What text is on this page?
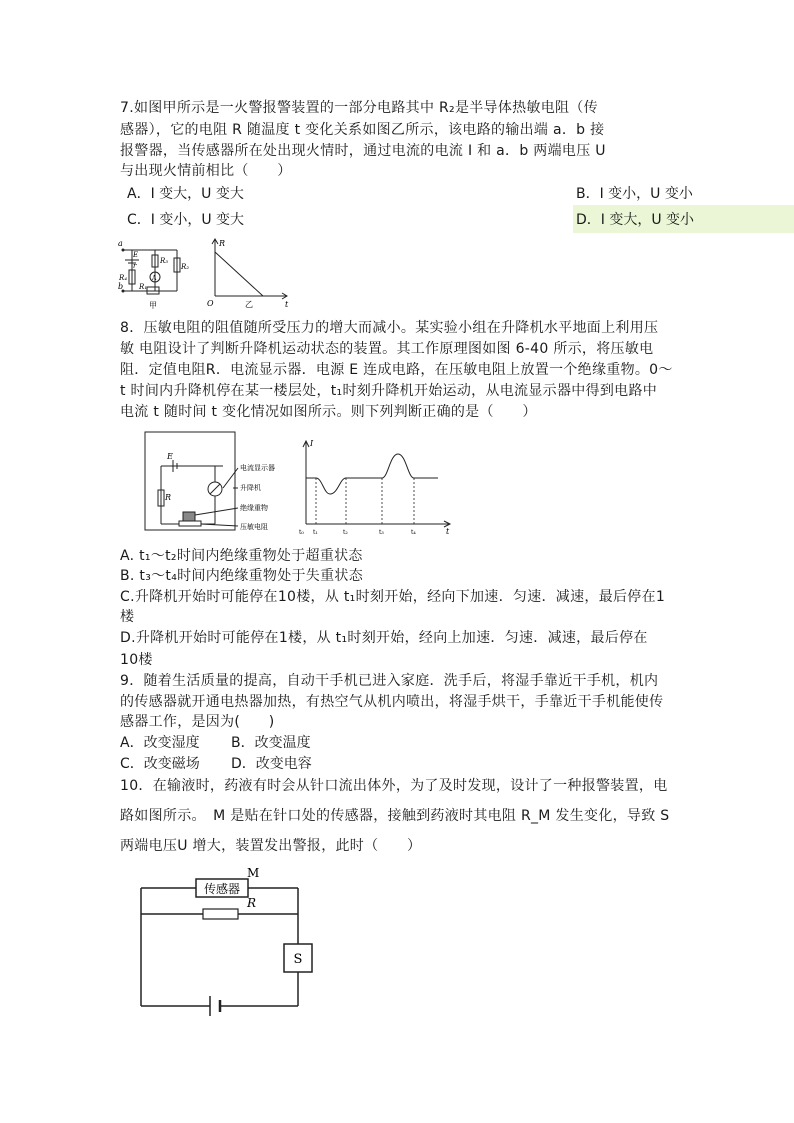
7.如图甲所示是一火警报警装置的一部分电路其中 R₂是半导体热敏电阻（传
感器），它的电阻 R 随温度 t 变化关系如图乙所示，该电路的输出端 a．b 接
报警器，当传感器所在处出现火情时，通过电流的电流 I 和 a．b 两端电压 U
与出现火情前相比（　　）
A．I 变大，U 变大	B．I 变小，U 变小
C．I 变小，U 变大	D．I 变大，U 变小
a
b
E
r
R₄
R₃
R₂
R₁
A
甲
R
O	t
乙
8．压敏电阻的阻值随所受压力的增大而减小。某实验小组在升降机水平地面上利用压
敏 电阻设计了判断升降机运动状态的装置。其工作原理图如图 6-40 所示，将压敏电
阻．定值电阻R．电流显示器．电源 E 连成电路，在压敏电阻上放置一个绝缘重物。0～
t 时间内升降机停在某一楼层处，t₁时刻升降机开始运动，从电流显示器中得到电路中
电流 t 随时间 t 变化情况如图所示。则下列判断正确的是（　　）
E
R
电流显示器
升降机
绝缘重物
压敏电阻
I
t
t₀ t₁	t₂	t₃	t₄
A. t₁～t₂时间内绝缘重物处于超重状态
B. t₃～t₄时间内绝缘重物处于失重状态
C.升降机开始时可能停在10楼，从 t₁时刻开始，经向下加速．匀速．减速，最后停在1
楼
D.升降机开始时可能停在1楼，从 t₁时刻开始，经向上加速．匀速．减速，最后停在
10楼
9．随着生活质量的提高，自动干手机已进入家庭．洗手后，将湿手靠近干手机，机内
的传感器就开通电热器加热，有热空气从机内喷出，将湿手烘干，手靠近干手机能使传
感器工作，是因为(　　)
A．改变湿度 B．改变温度
C．改变磁场 D．改变电容
10．在输液时，药液有时会从针口流出体外，为了及时发现，设计了一种报警装置，电
路如图所示。　M 是贴在针口处的传感器，接触到药液时其电阻 R_M 发生变化，导致 S
两端电压U 增大，装置发出警报，此时（　　）
传感器
M
R
S
